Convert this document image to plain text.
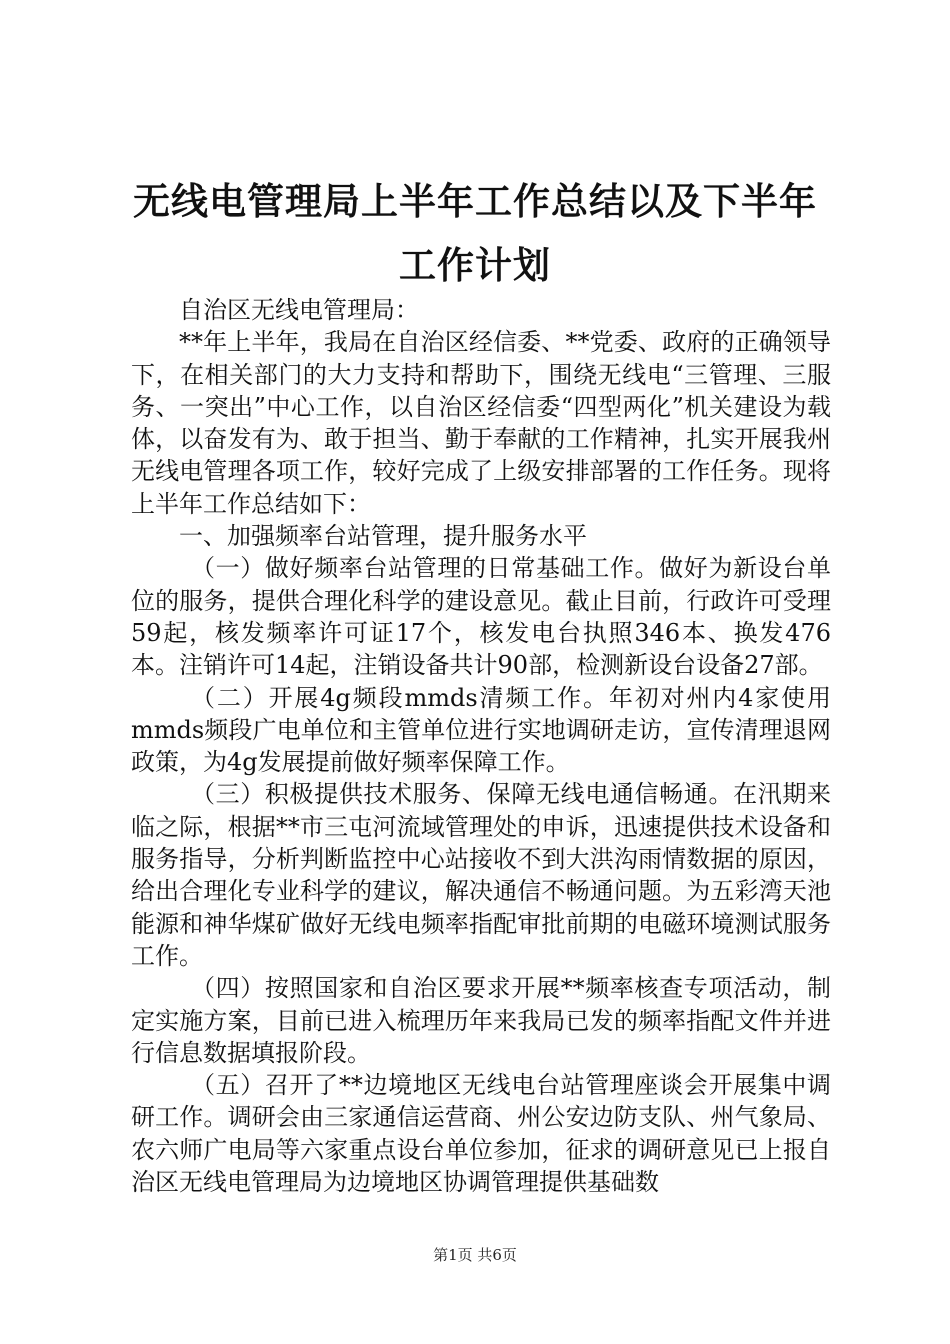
无线电管理局上半年工作总结以及下半年工作计划

自治区无线电管理局：

**年上半年，我局在自治区经信委、**党委、政府的正确领导下，在相关部门的大力支持和帮助下，围绕无线电“三管理、三服务、一突出”中心工作，以自治区经信委“四型两化”机关建设为载体，以奋发有为、敢于担当、勤于奉献的工作精神，扎实开展我州无线电管理各项工作，较好完成了上级安排部署的工作任务。现将上半年工作总结如下：

一、加强频率台站管理，提升服务水平

（一）做好频率台站管理的日常基础工作。做好为新设台单位的服务，提供合理化科学的建设意见。截止目前，行政许可受理59起，核发频率许可证17个，核发电台执照346本、换发476本。注销许可14起，注销设备共计90部，检测新设台设备27部。

（二）开展4g频段mmds清频工作。年初对州内4家使用mmds频段广电单位和主管单位进行实地调研走访，宣传清理退网政策，为4g发展提前做好频率保障工作。

（三）积极提供技术服务、保障无线电通信畅通。在汛期来临之际，根据**市三屯河流域管理处的申诉，迅速提供技术设备和服务指导，分析判断监控中心站接收不到大洪沟雨情数据的原因，给出合理化专业科学的建议，解决通信不畅通问题。为五彩湾天池能源和神华煤矿做好无线电频率指配审批前期的电磁环境测试服务工作。

（四）按照国家和自治区要求开展**频率核查专项活动，制定实施方案，目前已进入梳理历年来我局已发的频率指配文件并进行信息数据填报阶段。

（五）召开了**边境地区无线电台站管理座谈会开展集中调研工作。调研会由三家通信运营商、州公安边防支队、州气象局、农六师广电局等六家重点设台单位参加，征求的调研意见已上报自治区无线电管理局为边境地区协调管理提供基础数

第1页 共6页
